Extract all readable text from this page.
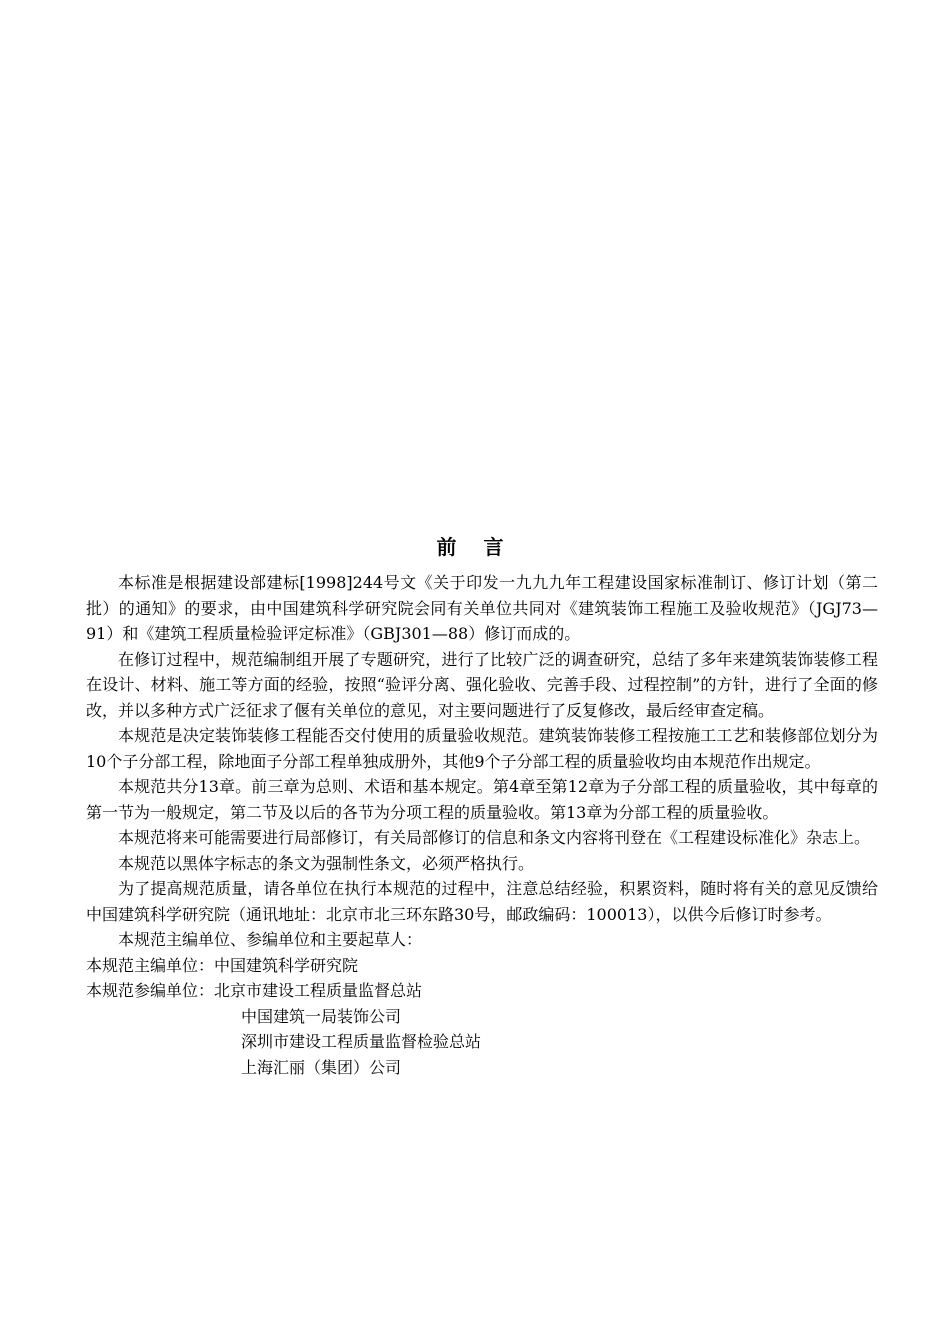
前 言

本标准是根据建设部建标[1998]244号文《关于印发一九九九年工程建设国家标准制订、修订计划（第二批）的通知》的要求，由中国建筑科学研究院会同有关单位共同对《建筑装饰工程施工及验收规范》（JGJ73—91）和《建筑工程质量检验评定标准》（GBJ301—88）修订而成的。

在修订过程中，规范编制组开展了专题研究，进行了比较广泛的调查研究，总结了多年来建筑装饰装修工程在设计、材料、施工等方面的经验，按照“验评分离、强化验收、完善手段、过程控制”的方针，进行了全面的修改，并以多种方式广泛征求了偃有关单位的意见，对主要问题进行了反复修改，最后经审查定稿。

本规范是决定装饰装修工程能否交付使用的质量验收规范。建筑装饰装修工程按施工工艺和装修部位划分为10个子分部工程，除地面子分部工程单独成册外，其他9个子分部工程的质量验收均由本规范作出规定。

本规范共分13章。前三章为总则、术语和基本规定。第4章至第12章为子分部工程的质量验收，其中每章的第一节为一般规定，第二节及以后的各节为分项工程的质量验收。第13章为分部工程的质量验收。

本规范将来可能需要进行局部修订，有关局部修订的信息和条文内容将刊登在《工程建设标准化》杂志上。

本规范以黑体字标志的条文为强制性条文，必须严格执行。

为了提高规范质量，请各单位在执行本规范的过程中，注意总结经验，积累资料，随时将有关的意见反馈给中国建筑科学研究院（通讯地址：北京市北三环东路30号，邮政编码：100013），以供今后修订时参考。

本规范主编单位、参编单位和主要起草人：

本规范主编单位：中国建筑科学研究院

本规范参编单位：北京市建设工程质量监督总站

中国建筑一局装饰公司

深圳市建设工程质量监督检验总站

上海汇丽（集团）公司
